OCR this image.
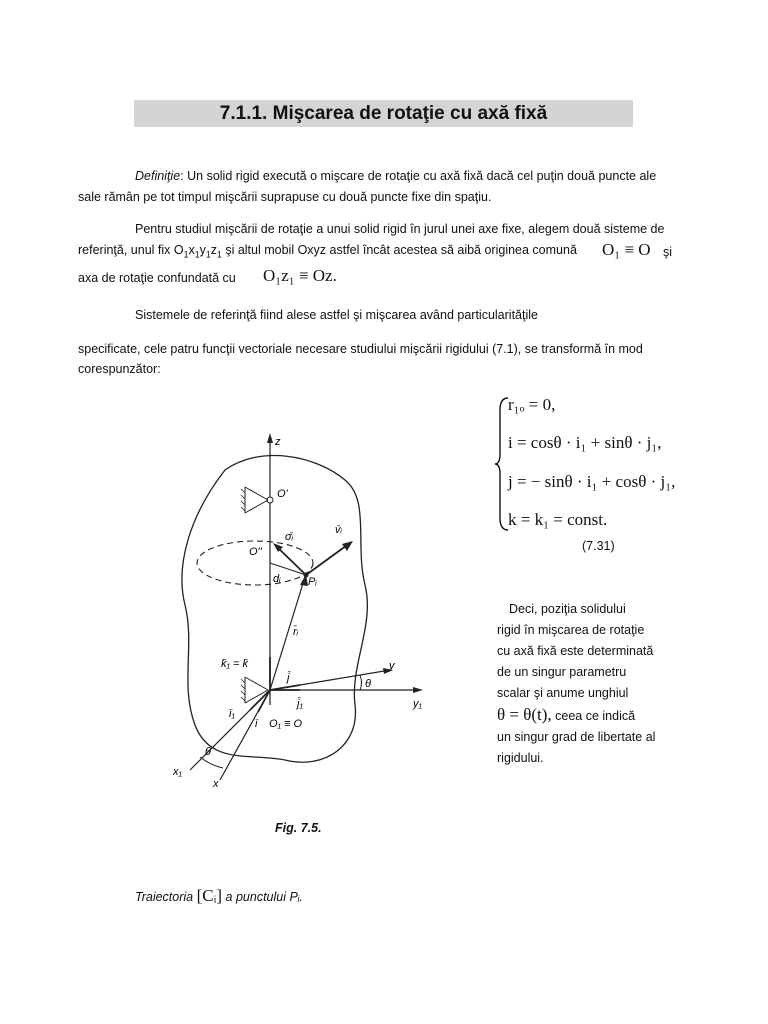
7.1.1. Mişcarea de rotaţie cu axă fixă
Definiţie: Un solid rigid execută o mişcare de rotaţie cu axă fixă dacă cel puţin două puncte ale
sale rămân pe tot timpul mişcării suprapuse cu două puncte fixe din spaţiu.
Pentru studiul mişcării de rotaţie a unui solid rigid în jurul unei axe fixe, alegem două sisteme de
referinţă, unul fix $O_1x_1y_1z_1$ şi altul mobil Oxyz astfel încât acestea să aibă originea comună O₁ ≡ O şi
axa de rotaţie confundată cu O₁z₁ ≡ Oz.
Sistemele de referinţă fiind alese astfel şi mişcarea având particularităţile
specificate, cele patru funcţii vectoriale necesare studiului mişcării rigidului (7.1), se transformă în mod
corespunzător:
r₁ₒ = 0,
i = cosθ · i₁ + sinθ · j₁,
j = − sinθ · i₁ + cosθ · j₁,
k = k₁ = const.
(7.31)
Deci, poziţia solidului
rigid în mişcarea de rotaţie
cu axă fixă este determinată
de un singur parametru
scalar şi anume unghiul
θ = θ(t), ceea ce indică
un singur grad de libertate al
rigidului.
z
O'
O''
dᵢ	Pᵢ
σ̄ᵢ
v̄ᵢ
r̄ᵢ
k̄₁ = k̄
y₁
y
θ
j̄
j̄₁
x₁
x
θ
ī₁
ī O₁ ≡ O
Fig. 7.5.
Traiectoria [Cᵢ] a punctului Pᵢ.
